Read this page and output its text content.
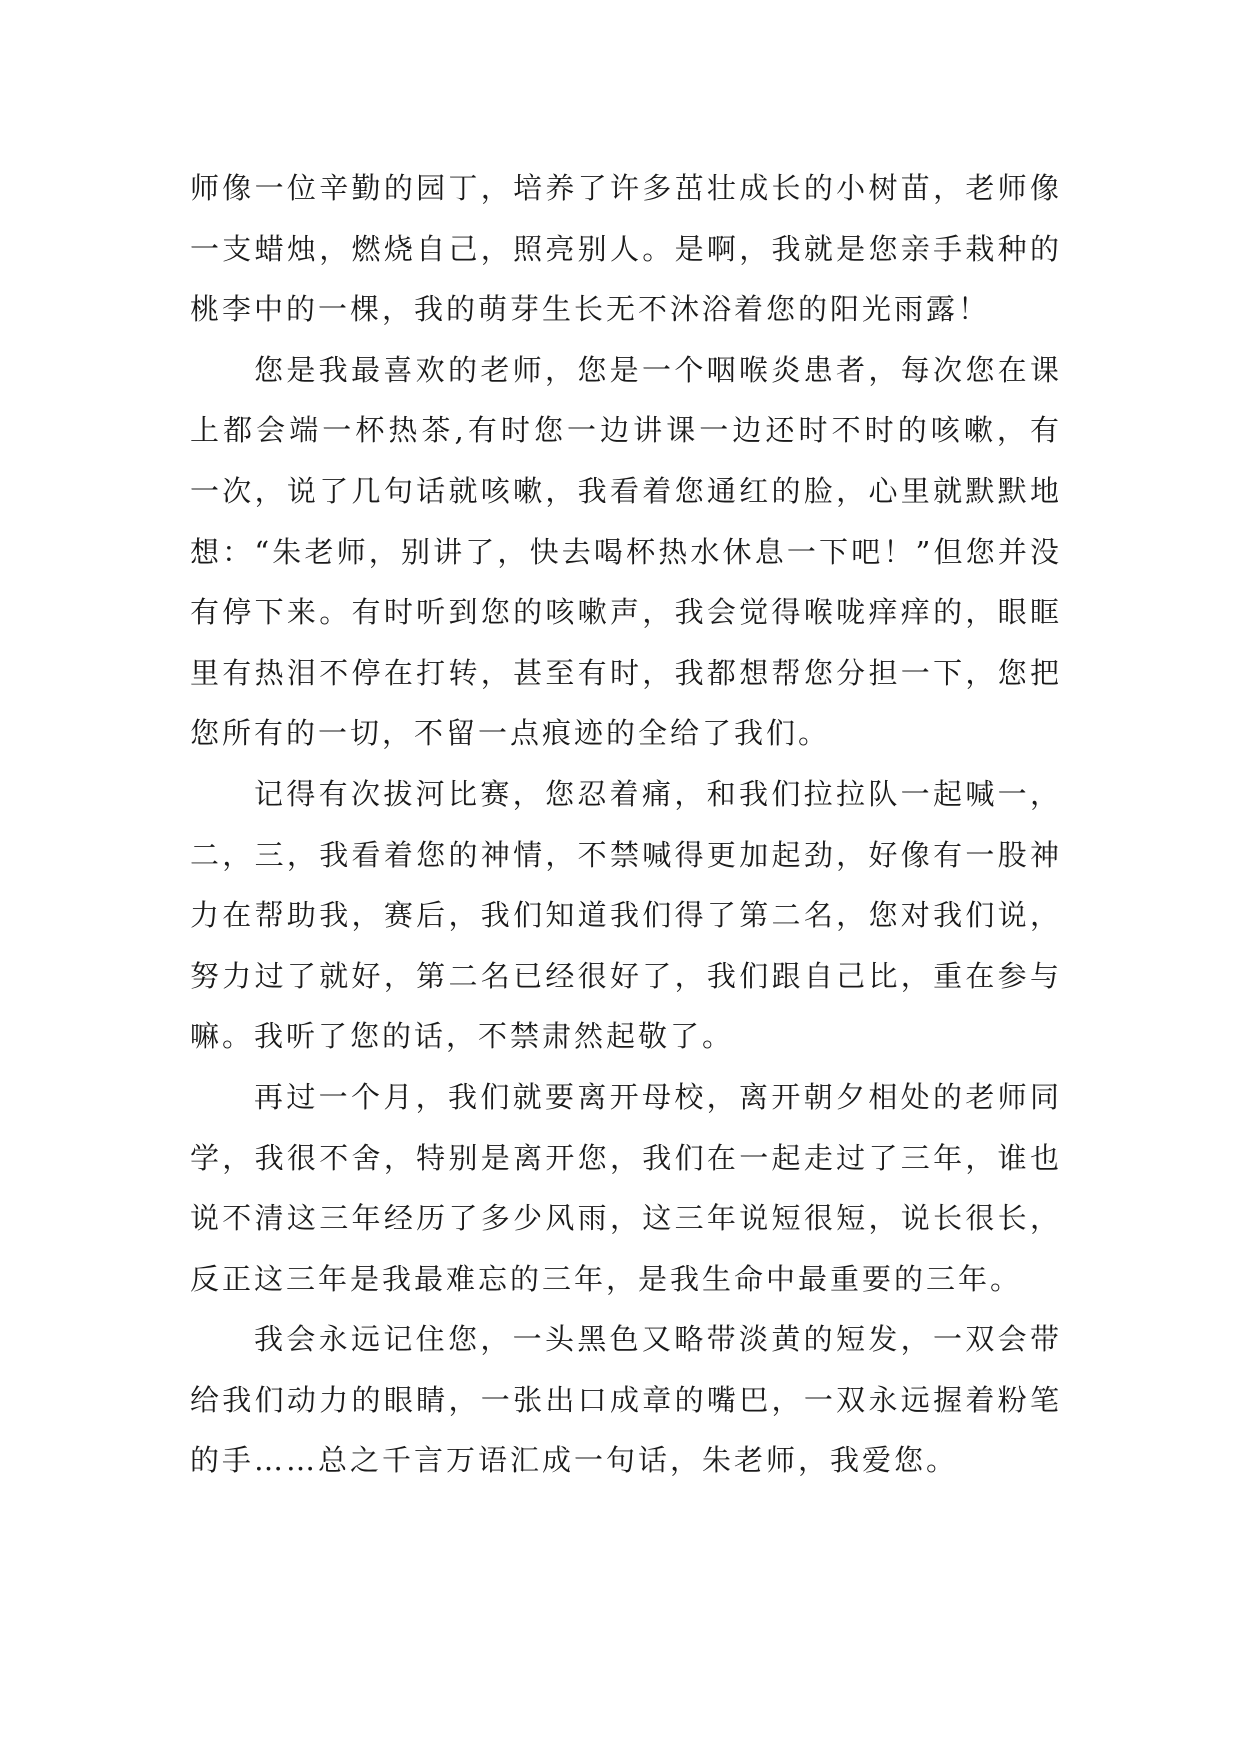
师像一位辛勤的园丁，培养了许多茁壮成长的小树苗，老师像一支蜡烛，燃烧自己，照亮别人。是啊，我就是您亲手栽种的桃李中的一棵，我的萌芽生长无不沐浴着您的阳光雨露！

您是我最喜欢的老师，您是一个咽喉炎患者，每次您在课上都会端一杯热茶,有时您一边讲课一边还时不时的咳嗽，有一次，说了几句话就咳嗽，我看着您通红的脸，心里就默默地想：“朱老师，别讲了，快去喝杯热水休息一下吧！”但您并没有停下来。有时听到您的咳嗽声，我会觉得喉咙痒痒的，眼眶里有热泪不停在打转，甚至有时，我都想帮您分担一下，您把您所有的一切，不留一点痕迹的全给了我们。

记得有次拔河比赛，您忍着痛，和我们拉拉队一起喊一，二，三，我看着您的神情，不禁喊得更加起劲，好像有一股神力在帮助我，赛后，我们知道我们得了第二名，您对我们说，努力过了就好，第二名已经很好了，我们跟自己比，重在参与嘛。我听了您的话，不禁肃然起敬了。

再过一个月，我们就要离开母校，离开朝夕相处的老师同学，我很不舍，特别是离开您，我们在一起走过了三年，谁也说不清这三年经历了多少风雨，这三年说短很短，说长很长，反正这三年是我最难忘的三年，是我生命中最重要的三年。

我会永远记住您，一头黑色又略带淡黄的短发，一双会带给我们动力的眼睛，一张出口成章的嘴巴，一双永远握着粉笔的手……总之千言万语汇成一句话，朱老师，我爱您。
